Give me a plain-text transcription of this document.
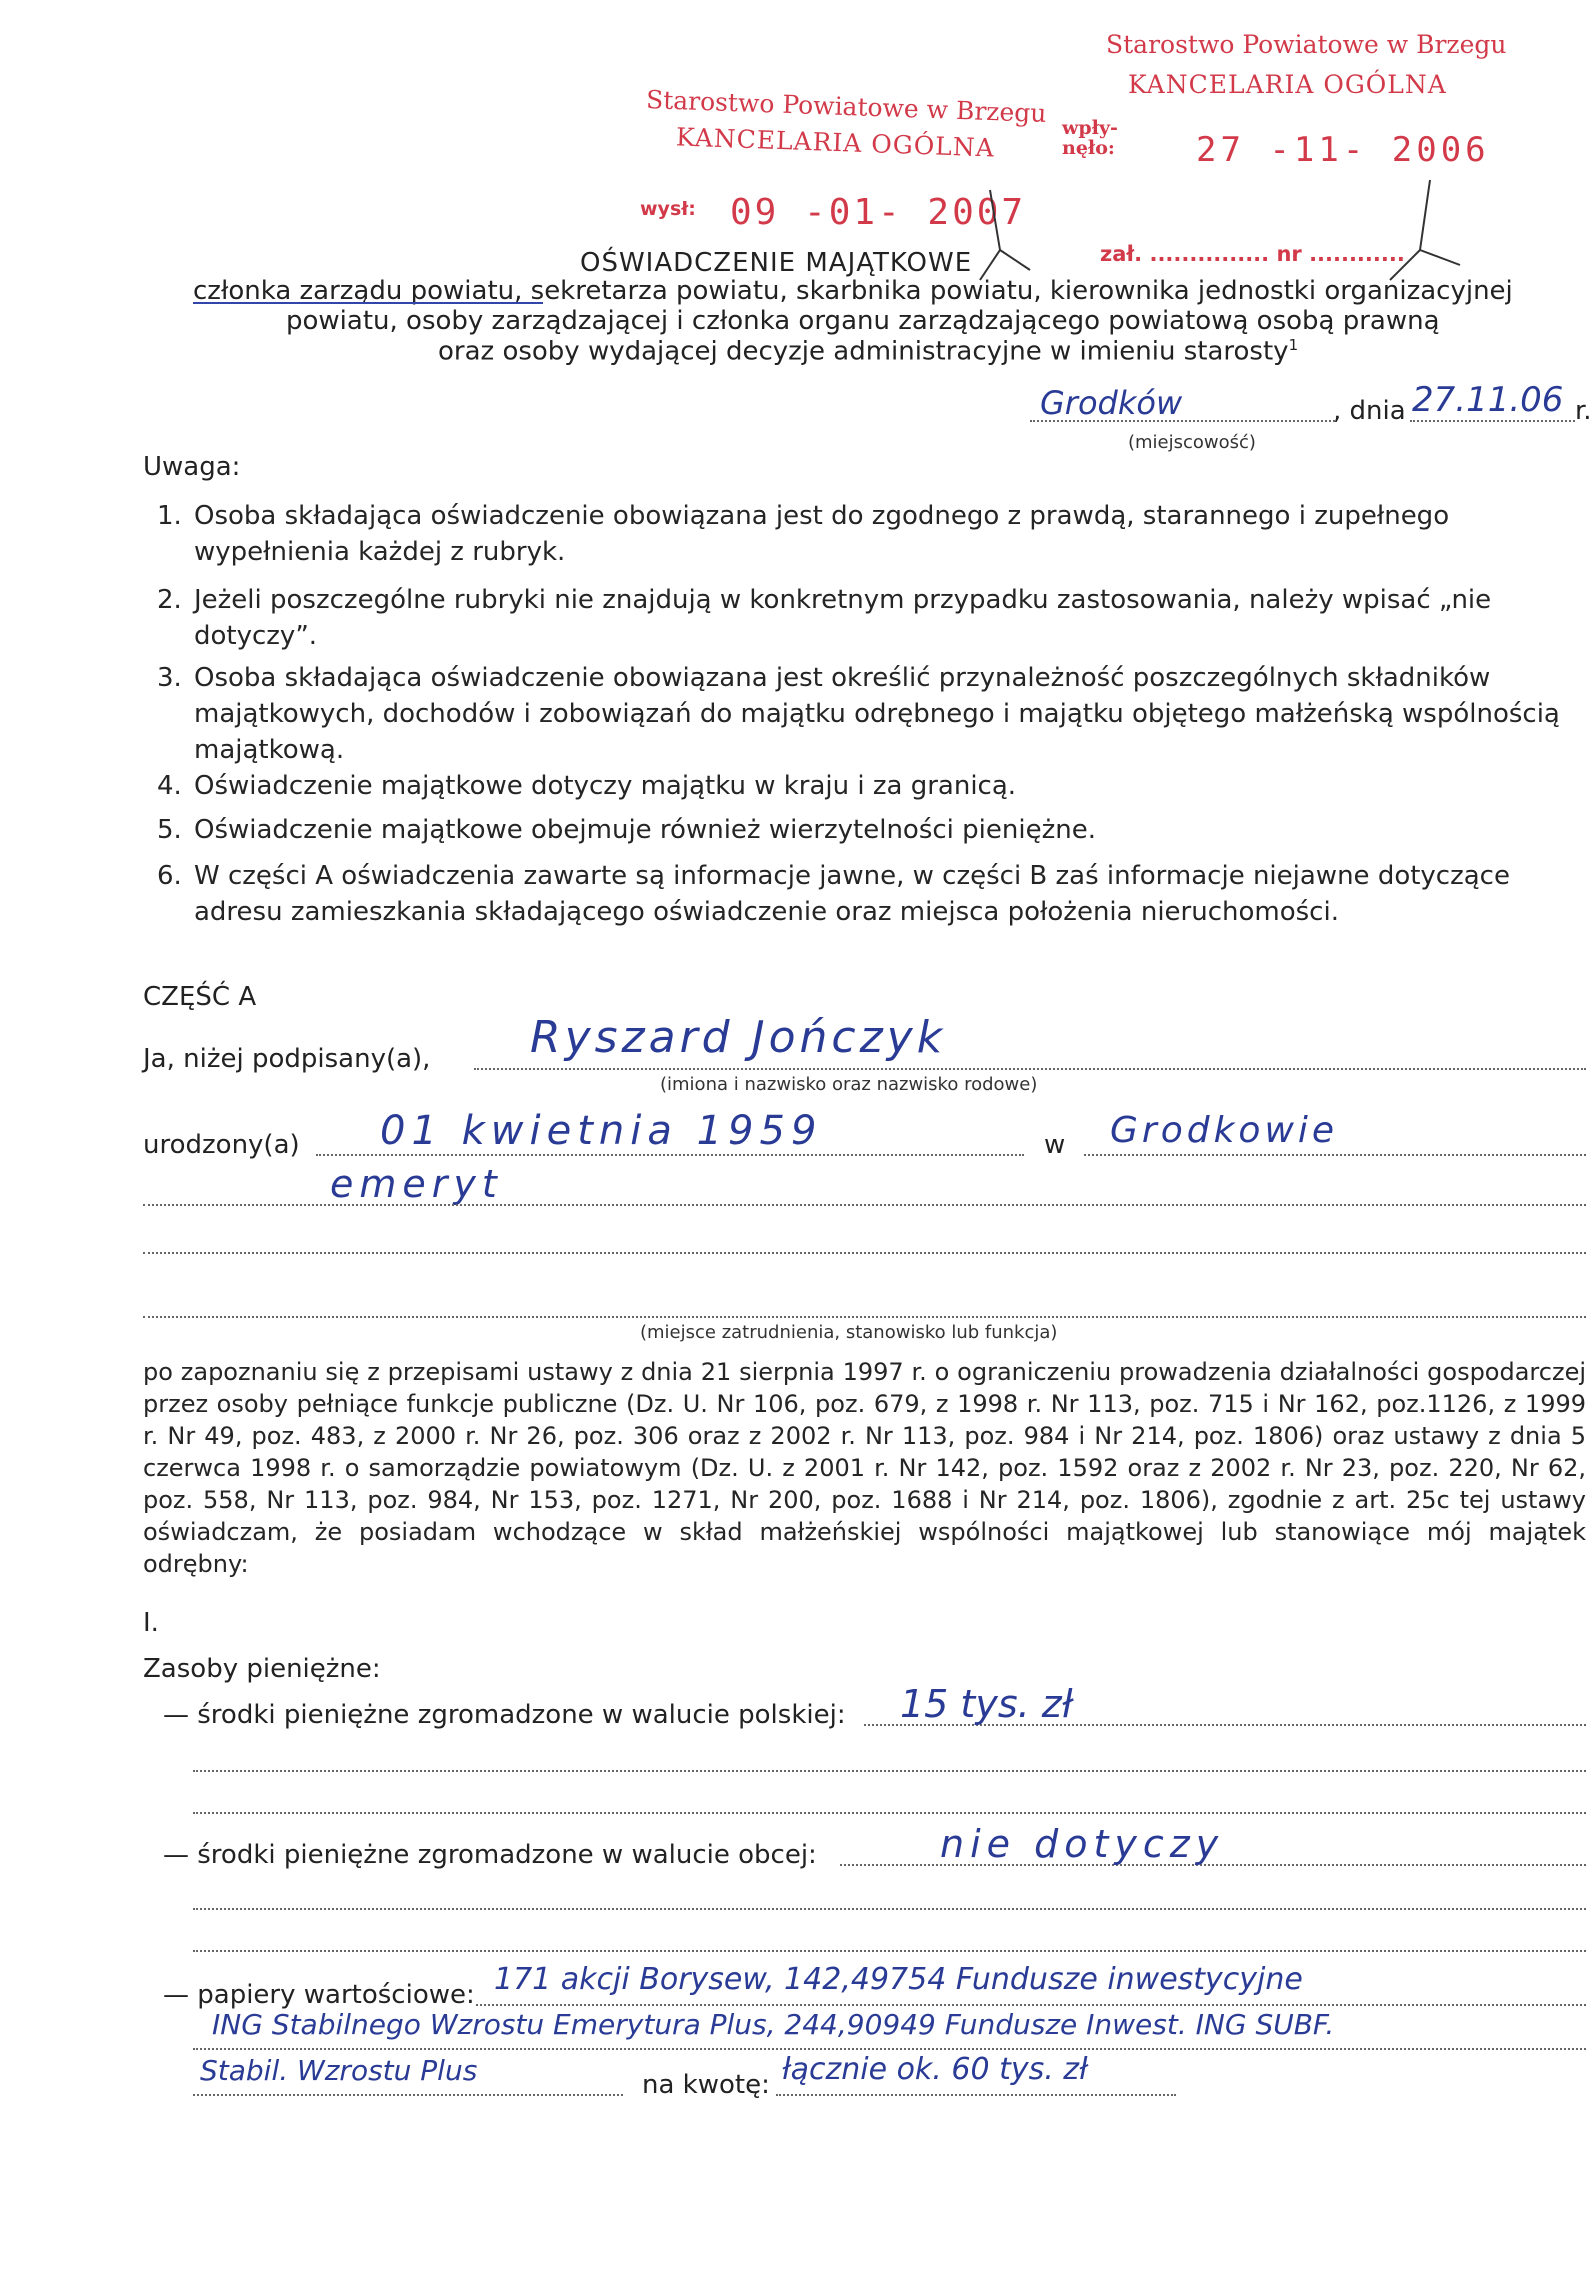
Starostwo Powiatowe w Brzegu
KANCELARIA OGÓLNA
wpły-
nęło: 27 -11- 2006
zał. ............... nr ............
Starostwo Powiatowe w Brzegu
KANCELARIA OGÓLNA
wysł: 09 -01- 2007
OŚWIADCZENIE MAJĄTKOWE
członka zarządu powiatu, sekretarza powiatu, skarbnika powiatu, kierownika jednostki organizacyjnej
powiatu, osoby zarządzającej i członka organu zarządzającego powiatową osobą prawną
oraz osoby wydającej decyzje administracyjne w imieniu starosty$^1$
Grodków	, dnia 27.11.06 r.
(miejscowość)
Uwaga:
1. Osoba składająca oświadczenie obowiązana jest do zgodnego z prawdą, starannego i zupełnego wypełnienia każdej z rubryk.
2. Jeżeli poszczególne rubryki nie znajdują w konkretnym przypadku zastosowania, należy wpisać „nie dotyczy”.
3. Osoba składająca oświadczenie obowiązana jest określić przynależność poszczególnych składników majątkowych, dochodów i zobowiązań do majątku odrębnego i majątku objętego małżeńską wspólnością majątkową.
4. Oświadczenie majątkowe dotyczy majątku w kraju i za granicą.
5. Oświadczenie majątkowe obejmuje również wierzytelności pieniężne.
6. W części A oświadczenia zawarte są informacje jawne, w części B zaś informacje niejawne dotyczące adresu zamieszkania składającego oświadczenie oraz miejsca położenia nieruchomości.
CZĘŚĆ A
Ja, niżej podpisany(a), Ryszard Jończyk
(imiona i nazwisko oraz nazwisko rodowe)
urodzony(a) 01 kwietnia 1959	w Grodkowie
emeryt
(miejsce zatrudnienia, stanowisko lub funkcja)
po zapoznaniu się z przepisami ustawy z dnia 21 sierpnia 1997 r. o ograniczeniu prowadzenia działalności gospodarczej przez osoby pełniące funkcje publiczne (Dz. U. Nr 106, poz. 679, z 1998 r. Nr 113, poz. 715 i Nr 162, poz.1126, z 1999 r. Nr 49, poz. 483, z 2000 r. Nr 26, poz. 306 oraz z 2002 r. Nr 113, poz. 984 i Nr 214, poz. 1806) oraz ustawy z dnia 5 czerwca 1998 r. o samorządzie powiatowym (Dz. U. z 2001 r. Nr 142, poz. 1592 oraz z 2002 r. Nr 23, poz. 220, Nr 62, poz. 558, Nr 113, poz. 984, Nr 153, poz. 1271, Nr 200, poz. 1688 i Nr 214, poz. 1806), zgodnie z art. 25c tej ustawy oświadczam, że posiadam wchodzące w skład małżeńskiej wspólności majątkowej lub stanowiące mój majątek odrębny:
I.
Zasoby pieniężne:
— środki pieniężne zgromadzone w walucie polskiej: 15 tys. zł
— środki pieniężne zgromadzone w walucie obcej:	nie dotyczy
— papiery wartościowe: 171 akcji Borysew, 142,49754 Fundusze inwestycyjne
ING Stabilnego Wzrostu Emerytura Plus, 244,90949 Fundusze Inwest. ING SUBF.
Stabil. Wzrostu Plus	na kwotę: łącznie ok. 60 tys. zł
